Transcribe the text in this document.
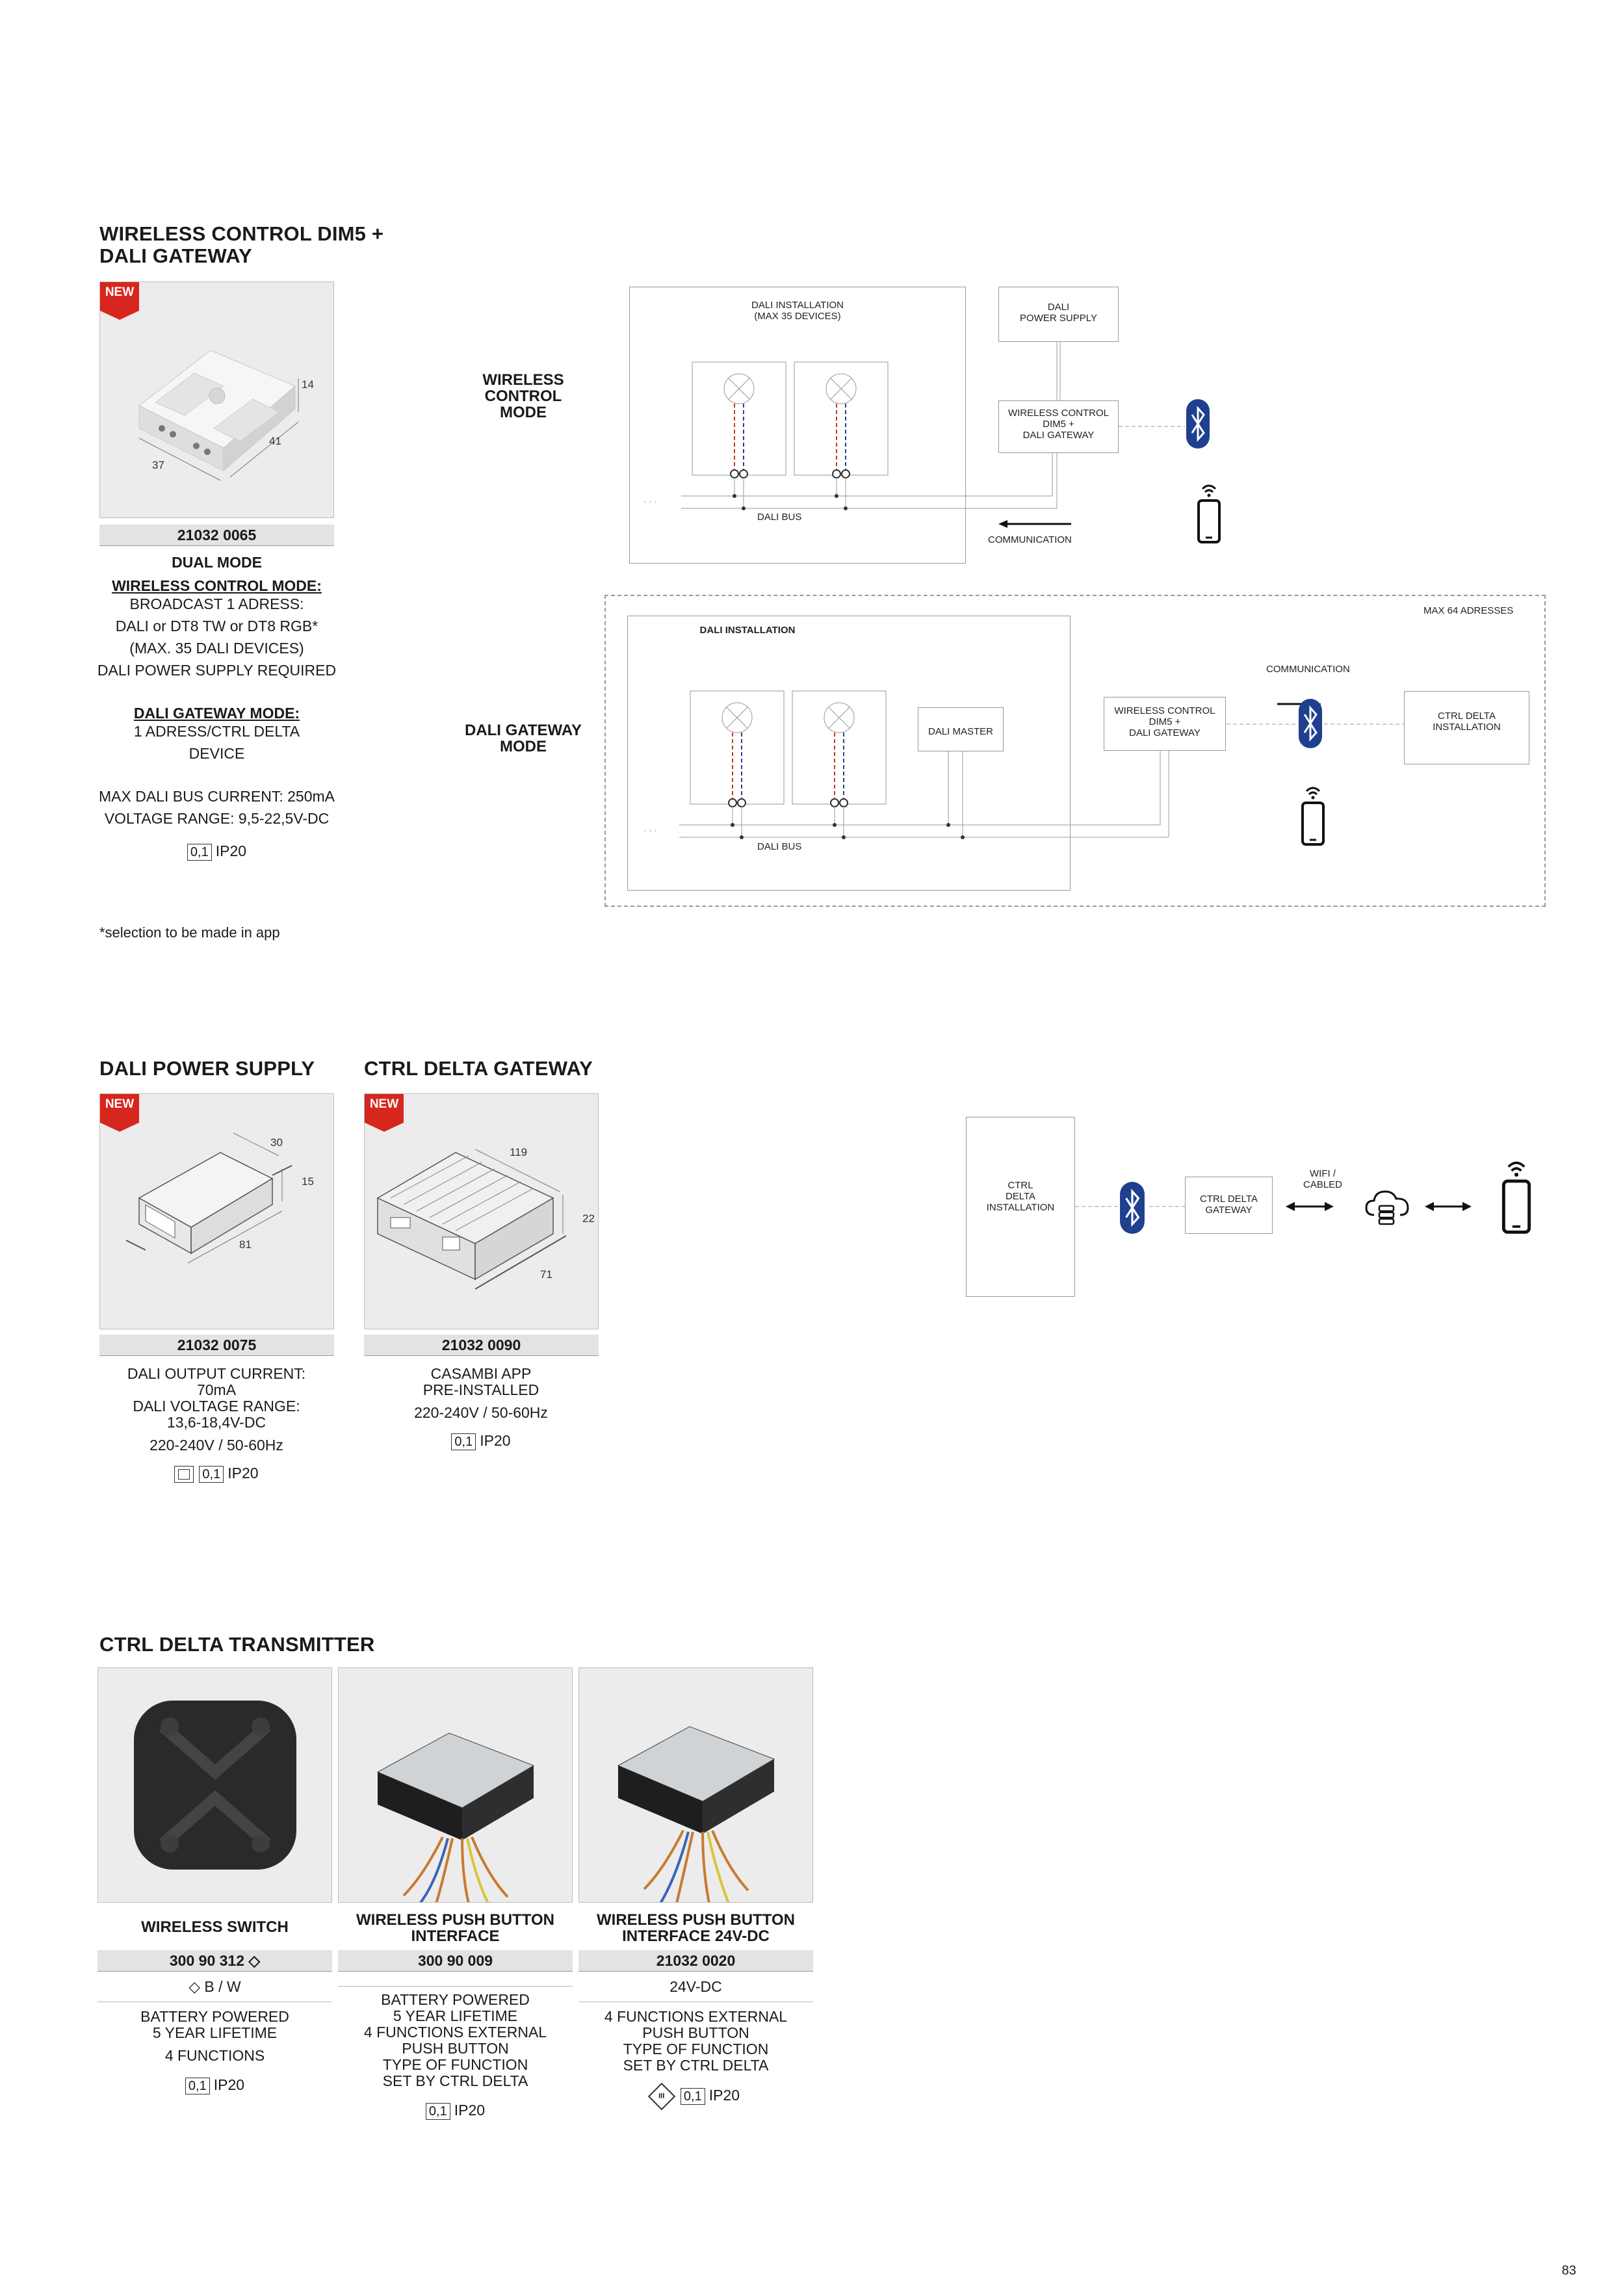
WIRELESS CONTROL DIM5 +
DALI GATEWAY
NEW
14
41
37
21032 0065
DUAL MODE
WIRELESS CONTROL MODE:
BROADCAST 1 ADRESS:
DALI or DT8 TW or DT8 RGB*
(MAX. 35 DALI DEVICES)
DALI POWER SUPPLY REQUIRED
DALI GATEWAY MODE:
1 ADRESS/CTRL DELTA
DEVICE
MAX DALI BUS CURRENT: 250mA
VOLTAGE RANGE: 9,5-22,5V-DC
0,1 IP20
*selection to be made in app
WIRELESS
CONTROL
MODE
DALI INSTALLATION
(MAX 35 DEVICES)
DALI
POWER SUPPLY
WIRELESS CONTROL
DIM5 +
DALI GATEWAY
DALI BUS
. . .
COMMUNICATION
MAX 64 ADRESSES
DALI GATEWAY
MODE
DALI INSTALLATION
DALI MASTER
WIRELESS CONTROL
DIM5 +
DALI GATEWAY
CTRL DELTA
INSTALLATION
COMMUNICATION
DALI BUS
. . .
DALI POWER SUPPLY CTRL DELTA GATEWAY
NEW
30
15
81
NEW
119
22
71
21032 0075	21032 0090
DALI OUTPUT CURRENT:
70mA
DALI VOLTAGE RANGE:
13,6-18,4V-DC
220-240V / 50-60Hz
0,1 IP20
CASAMBI APP
PRE-INSTALLED
220-240V / 50-60Hz
0,1 IP20
CTRL
DELTA
INSTALLATION
CTRL DELTA
GATEWAY
WIFI /
CABLED
CTRL DELTA TRANSMITTER
WIRELESS SWITCH	WIRELESS PUSH BUTTON
INTERFACE
WIRELESS PUSH BUTTON
INTERFACE 24V-DC
300 90 312 ◇	300 90 009	21032 0020
◇ B / W
BATTERY POWERED
5 YEAR LIFETIME
4 FUNCTIONS
0,1 IP20
BATTERY POWERED
5 YEAR LIFETIME
4 FUNCTIONS EXTERNAL
PUSH BUTTON
TYPE OF FUNCTION
SET BY CTRL DELTA
0,1 IP20
24V-DC
4 FUNCTIONS EXTERNAL
PUSH BUTTON
TYPE OF FUNCTION
SET BY CTRL DELTA
III 0,1 IP20
83
